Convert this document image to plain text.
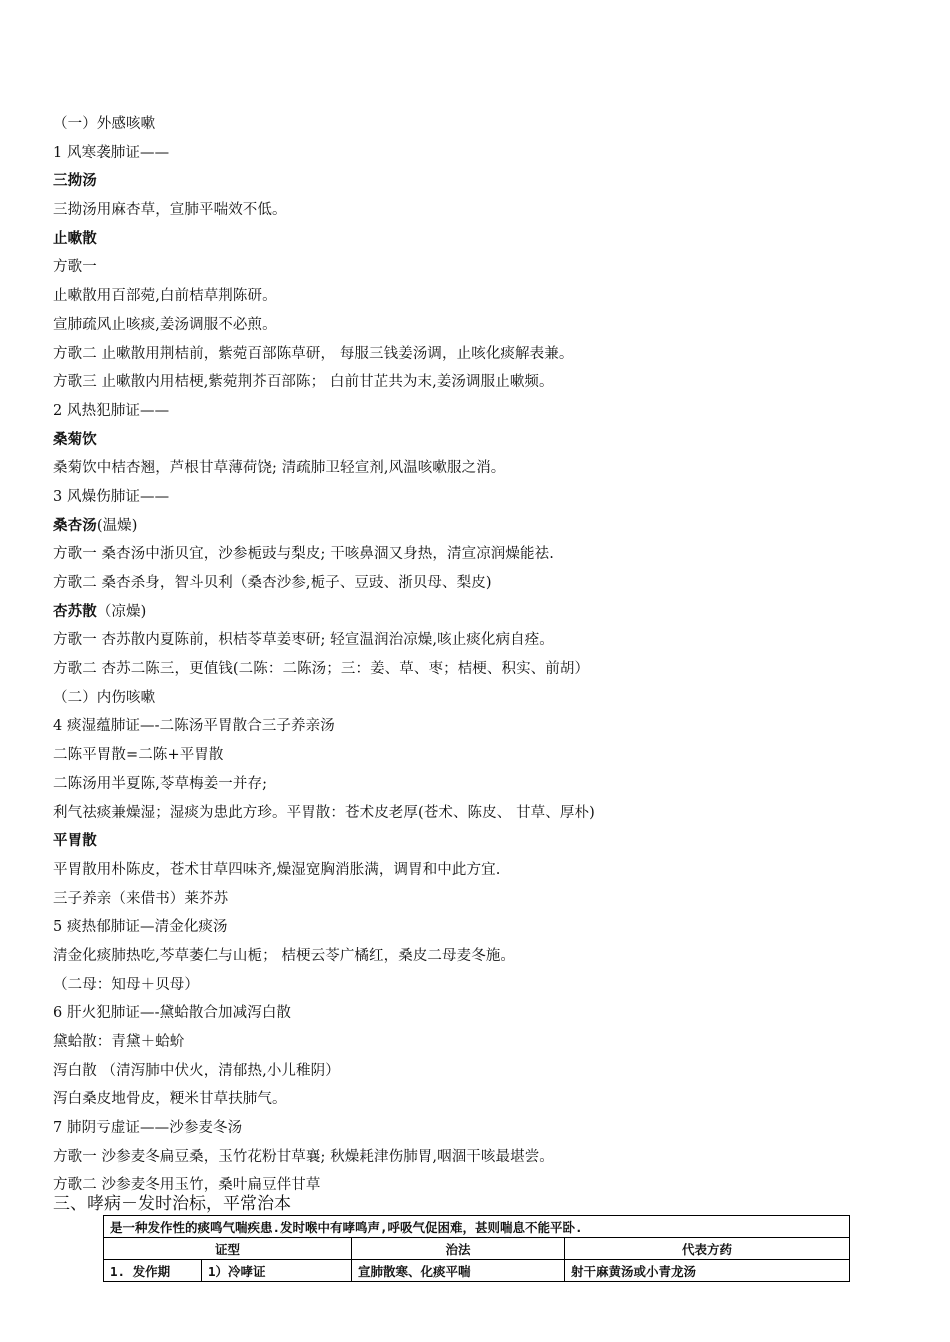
（一）外感咳嗽
1 风寒袭肺证——
三拗汤
三拗汤用麻杏草，宣肺平喘效不低。
止嗽散
方歌一
止嗽散用百部菀,白前桔草荆陈研。
宣肺疏风止咳痰,姜汤调服不必煎。
方歌二 止嗽散用荆桔前，紫菀百部陈草研， 每服三钱姜汤调，止咳化痰解表兼。
方歌三 止嗽散内用桔梗,紫菀荆芥百部陈； 白前甘芷共为末,姜汤调服止嗽频。
2 风热犯肺证——
桑菊饮
桑菊饮中桔杏翘，芦根甘草薄荷饶; 清疏肺卫轻宣剂,风温咳嗽服之消。
3 风燥伤肺证——
桑杏汤(温燥)
方歌一 桑杏汤中浙贝宜，沙参栀豉与梨皮; 干咳鼻涸又身热，清宣凉润燥能祛.
方歌二 桑杏杀身，智斗贝利（桑杏沙参,栀子、豆豉、浙贝母、梨皮)
杏苏散（凉燥)
方歌一 杏苏散内夏陈前，枳桔苓草姜枣研; 轻宣温润治凉燥,咳止痰化病自痊。
方歌二 杏苏二陈三，更值钱(二陈：二陈汤；三：姜、草、枣；桔梗、积实、前胡）
（二）内伤咳嗽
4 痰湿蕴肺证—-二陈汤平胃散合三子养亲汤
二陈平胃散=二陈+平胃散
二陈汤用半夏陈,苓草梅姜一并存;
利气祛痰兼燥湿；湿痰为患此方珍。平胃散：苍术皮老厚(苍术、陈皮、 甘草、厚朴)
平胃散
平胃散用朴陈皮，苍术甘草四味齐,燥湿宽胸消胀满，调胃和中此方宜.
三子养亲（来借书）莱芥苏
5 痰热郁肺证—清金化痰汤
清金化痰肺热吃,芩草萎仁与山栀； 桔梗云苓广橘红，桑皮二母麦冬施。
（二母：知母＋贝母）
6 肝火犯肺证—-黛蛤散合加减泻白散
黛蛤散：青黛＋蛤蚧
泻白散 （清泻肺中伏火，清郁热,小儿稚阴）
泻白桑皮地骨皮，粳米甘草扶肺气。
7 肺阴亏虚证——沙参麦冬汤
方歌一 沙参麦冬扁豆桑，玉竹花粉甘草襄; 秋燥耗津伤肺胃,咽涸干咳最堪尝。
方歌二 沙参麦冬用玉竹，桑叶扁豆伴甘草
三、哮病－发时治标，平常治本
是一种发作性的痰鸣气喘疾患.发时喉中有哮鸣声,呼吸气促困难，甚则喘息不能平卧.			
证型		治法	代表方药
1. 发作期	1）冷哮证	宣肺散寒、化痰平喘	射干麻黄汤或小青龙汤
